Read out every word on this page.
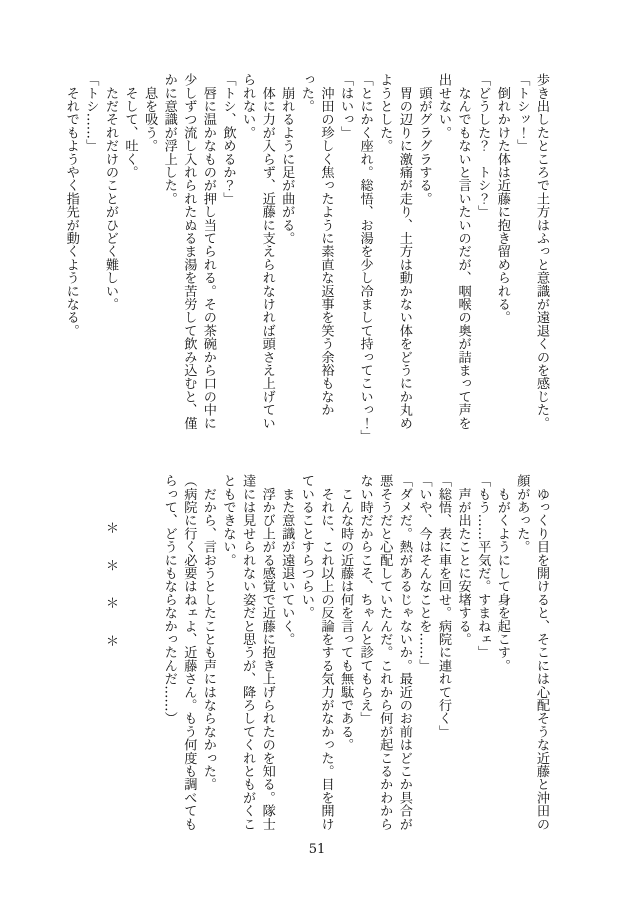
歩き出したところで土方はふっと意識が遠退くのを感じた。
「トシッ！」
　倒れかけた体は近藤に抱き留められる。
「どうした？　トシ？」
　なんでもないと言いたいのだが、咽喉の奥が詰まって声を
出せない。
　頭がグラグラする。
　胃の辺りに激痛が走り、土方は動かない体をどうにか丸め
ようとした。
「とにかく座れ。総悟、お湯を少し冷まして持ってこいっ！」
「はいっ」
　沖田の珍しく焦ったように素直な返事を笑う余裕もなか
った。
　崩れるように足が曲がる。
　体に力が入らず、近藤に支えられなければ頭さえ上げてい
られない。
「トシ、飲めるか？」
　唇に温かなものが押し当てられる。その茶碗から口の中に
少しずつ流し入れられたぬるま湯を苦労して飲み込むと、僅
かに意識が浮上した。
　息を吸う。
　そして、吐く。
　ただそれだけのことがひどく難しい。
「トシ……」
　それでもようやく指先が動くようになる。
　ゆっくり目を開けると、そこには心配そうな近藤と沖田の
顔があった。
　もがくようにして身を起こす。
「もう……平気だ。すまねェ」
　声が出たことに安堵する。
「総悟、表に車を回せ。病院に連れて行く」
「いや、今はそんなことを……」
「ダメだ。熱があるじゃないか。最近のお前はどこか具合が
悪そうだと心配していたんだ。これから何が起こるかわから
ない時だからこそ、ちゃんと診てもらえ」
　こんな時の近藤は何を言っても無駄である。
　それに、これ以上の反論をする気力がなかった。目を開け
ていることすらつらい。
　また意識が遠退いていく。
　浮かび上がる感覚で近藤に抱き上げられたのを知る。隊士
達には見せられない姿だと思うが、降ろしてくれともがくこ
ともできない。
　だから、言おうとしたことも声にはならなかった。
（病院に行く必要はねェよ、近藤さん。もう何度も調べても
らって、どうにもならなかったんだ……）
＊　＊　＊　＊
51
